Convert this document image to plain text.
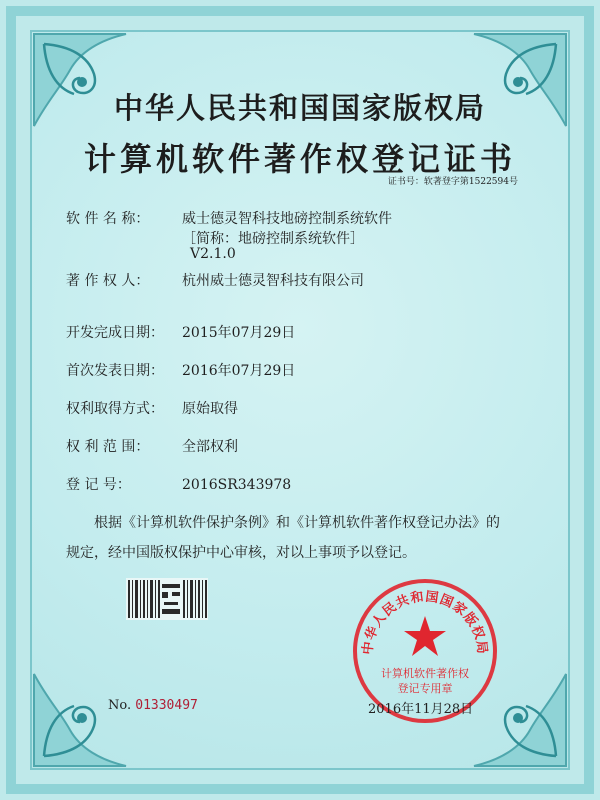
中华人民共和国国家版权局
计算机软件著作权登记证书
证书号：软著登字第1522594号
软 件 名 称： 威士德灵智科技地磅控制系统软件
［简称：地磅控制系统软件］
V2.1.0
著 作 权 人： 杭州威士德灵智科技有限公司
开发完成日期： 2015年07月29日
首次发表日期： 2016年07月29日
权利取得方式： 原始取得
权 利 范 围： 全部权利
登 记 号：	2016SR343978
根据《计算机软件保护条例》和《计算机软件著作权登记办法》的
规定，经中国版权保护中心审核，对以上事项予以登记。
No. 01330497
中华人民共和国国家版权局
计算机软件著作权
登记专用章
2016年11月28日
